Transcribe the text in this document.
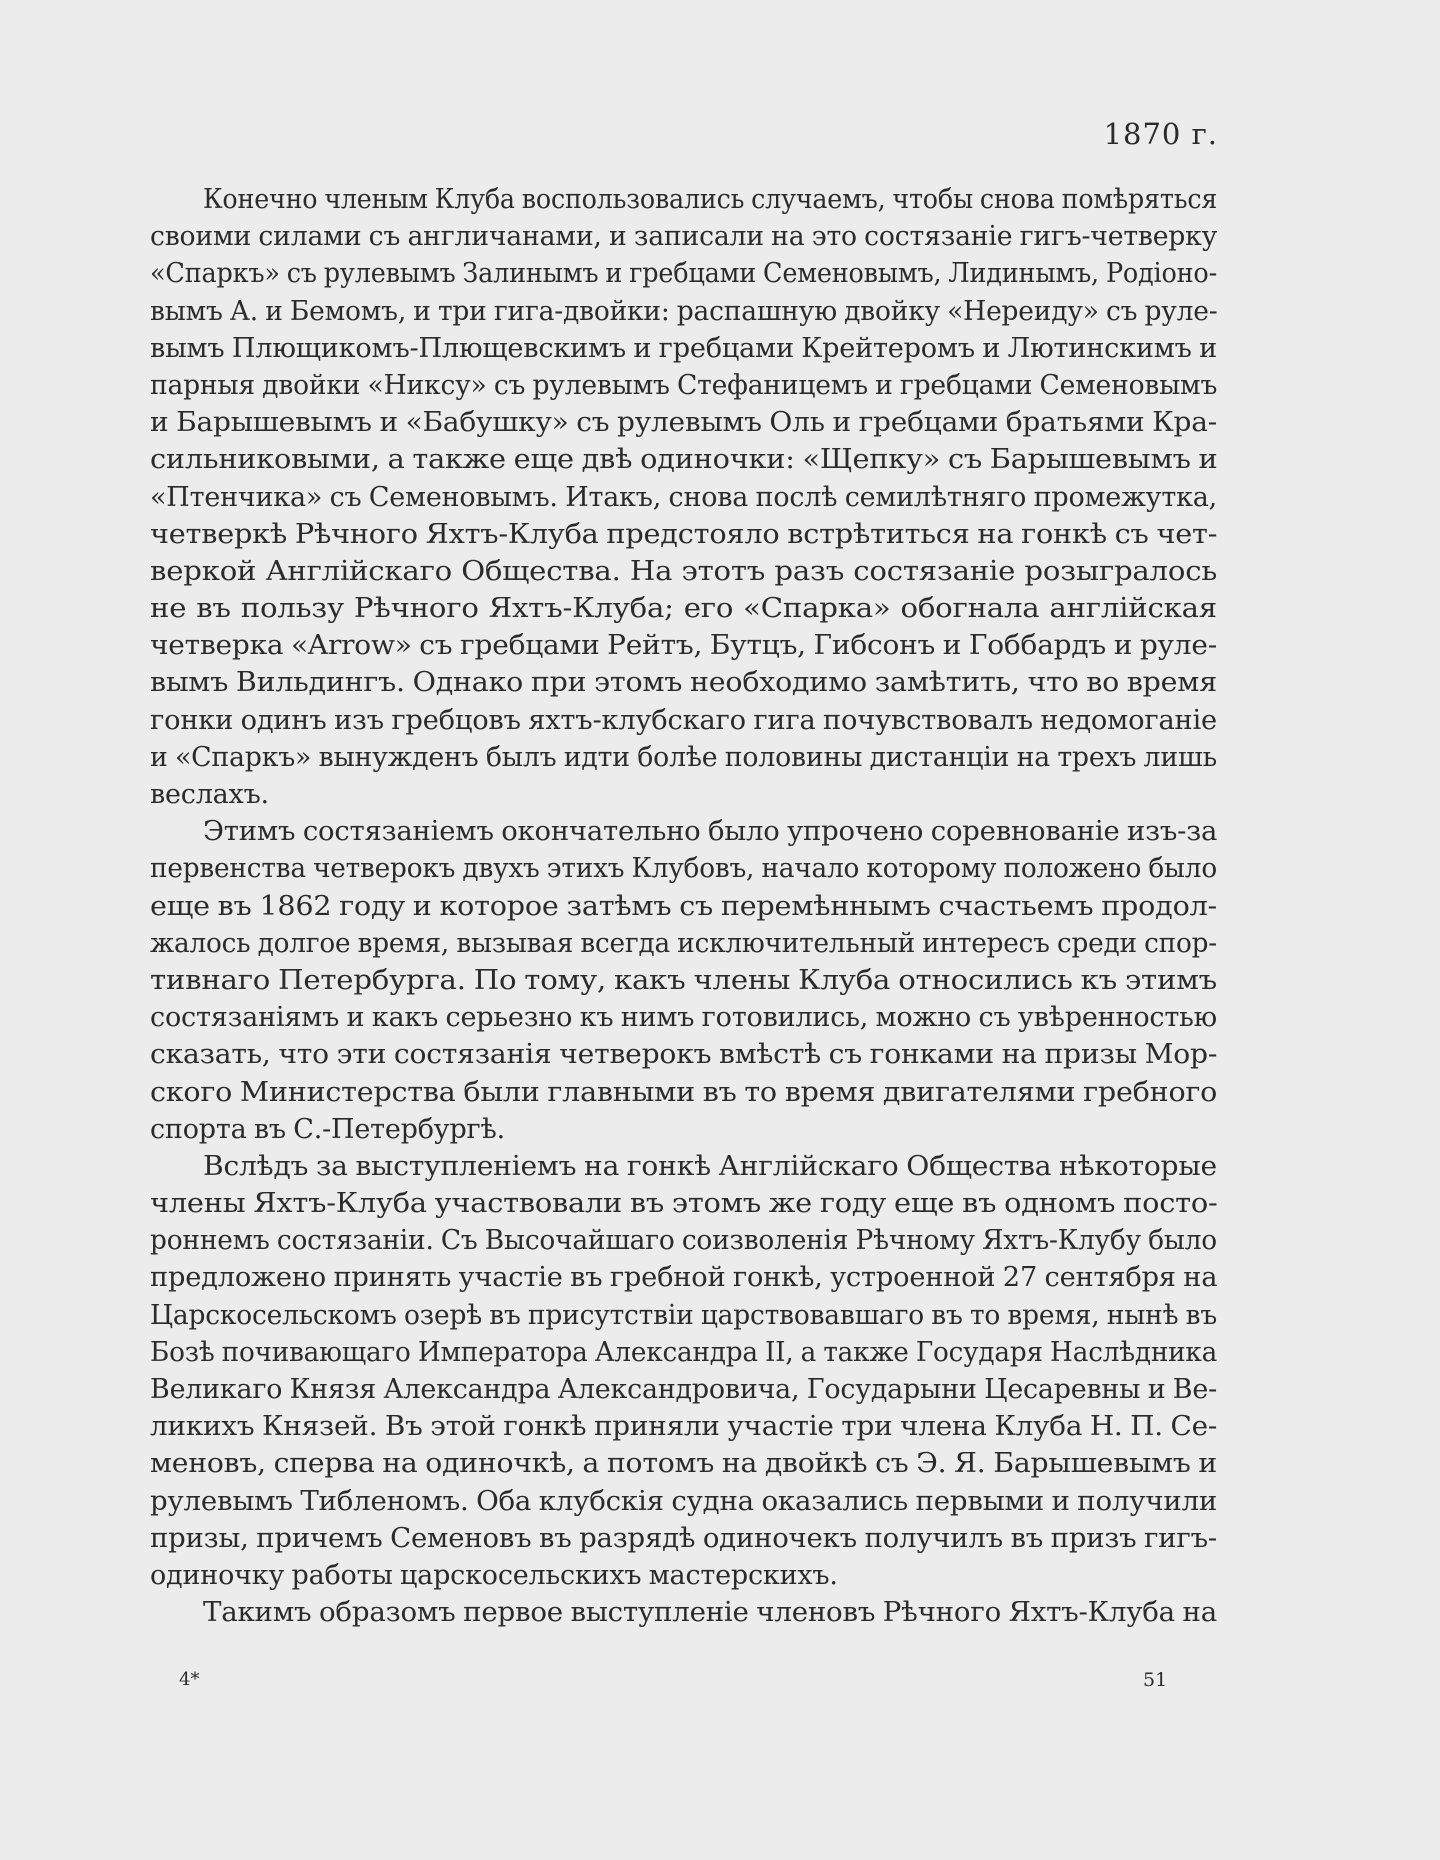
1870 г.
Конечно членым Клуба воспользовались случаемъ, чтобы снова помѣряться
своими силами съ англичанами, и записали на это состязаніе гигъ-четверку
«Спаркъ» съ рулевымъ Залинымъ и гребцами Семеновымъ, Лидинымъ, Родіоно-
вымъ А. и Бемомъ, и три гига-двойки: распашную двойку «Нереиду» съ руле-
вымъ Плющикомъ-Плющевскимъ и гребцами Крейтеромъ и Лютинскимъ и
парныя двойки «Никсу» съ рулевымъ Стефаницемъ и гребцами Семеновымъ
и Барышевымъ и «Бабушку» съ рулевымъ Оль и гребцами братьями Кра-
сильниковыми, а также еще двѣ одиночки: «Щепку» съ Барышевымъ и
«Птенчика» съ Семеновымъ. Итакъ, снова послѣ семилѣтняго промежутка,
четверкѣ Рѣчного Яхтъ-Клуба предстояло встрѣтиться на гонкѣ съ чет-
веркой Англійскаго Общества. На этотъ разъ состязаніе розыгралось
не въ пользу Рѣчного Яхтъ-Клуба; его «Спарка» обогнала англійская
четверка «Arrow» съ гребцами Рейтъ, Бутцъ, Гибсонъ и Гоббардъ и руле-
вымъ Вильдингъ. Однако при этомъ необходимо замѣтить, что во время
гонки одинъ изъ гребцовъ яхтъ-клубскаго гига почувствовалъ недомоганіе
и «Спаркъ» вынужденъ былъ идти болѣе половины дистанціи на трехъ лишь
веслахъ.
Этимъ состязаніемъ окончательно было упрочено соревнованіе изъ-за
первенства четверокъ двухъ этихъ Клубовъ, начало которому положено было
еще въ 1862 году и которое затѣмъ съ перемѣннымъ счастьемъ продол-
жалось долгое время, вызывая всегда исключительный интересъ среди спор-
тивнаго Петербурга. По тому, какъ члены Клуба относились къ этимъ
состязаніямъ и какъ серьезно къ нимъ готовились, можно съ увѣренностью
сказать, что эти состязанія четверокъ вмѣстѣ съ гонками на призы Мор-
ского Министерства были главными въ то время двигателями гребного
спорта въ С.-Петербургѣ.
Вслѣдъ за выступленіемъ на гонкѣ Англійскаго Общества нѣкоторые
члены Яхтъ-Клуба участвовали въ этомъ же году еще въ одномъ посто-
роннемъ состязаніи. Съ Высочайшаго соизволенія Рѣчному Яхтъ-Клубу было
предложено принять участіе въ гребной гонкѣ, устроенной 27 сентября на
Царскосельскомъ озерѣ въ присутствіи царствовавшаго въ то время, нынѣ въ
Бозѣ почивающаго Императора Александра II, а также Государя Наслѣдника
Великаго Князя Александра Александровича, Государыни Цесаревны и Ве-
ликихъ Князей. Въ этой гонкѣ приняли участіе три члена Клуба Н. П. Се-
меновъ, сперва на одиночкѣ, а потомъ на двойкѣ съ Э. Я. Барышевымъ и
рулевымъ Тибленомъ. Оба клубскія судна оказались первыми и получили
призы, причемъ Семеновъ въ разрядѣ одиночекъ получилъ въ призъ гигъ-
одиночку работы царскосельскихъ мастерскихъ.
Такимъ образомъ первое выступленіе членовъ Рѣчного Яхтъ-Клуба на
4*	51
